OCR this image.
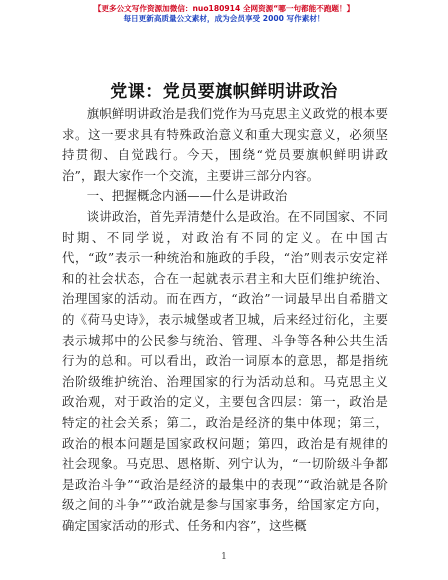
【更多公文写作资源加微信：nuo180914 全网资源“哪一句都能不跑题！】
每日更新高质量公文素材，成为会员享受 2000 写作素材！
党课：党员要旗帜鲜明讲政治

旗帜鲜明讲政治是我们党作为马克思主义政党的根本要求。这一要求具有特殊政治意义和重大现实意义，必须坚持贯彻、自觉践行。今天，围绕“党员要旗帜鲜明讲政治”，跟大家作一个交流，主要讲三部分内容。

一、把握概念内涵——什么是讲政治

谈讲政治，首先弄清楚什么是政治。在不同国家、不同时期、不同学说，对政治有不同的定义。在中国古代，“政”表示一种统治和施政的手段，“治”则表示安定祥和的社会状态，合在一起就表示君主和大臣们维护统治、治理国家的活动。而在西方，“政治”一词最早出自希腊文的《荷马史诗》，表示城堡或者卫城，后来经过衍化，主要表示城邦中的公民参与统治、管理、斗争等各种公共生活行为的总和。可以看出，政治一词原本的意思，都是指统治阶级维护统治、治理国家的行为活动总和。马克思主义政治观，对于政治的定义，主要包含四层：第一，政治是特定的社会关系；第二，政治是经济的集中体现；第三，政治的根本问题是国家政权问题；第四，政治是有规律的社会现象。马克思、恩格斯、列宁认为，“一切阶级斗争都是政治斗争”“政治是经济的最集中的表现”“政治就是各阶级之间的斗争”“政治就是参与国家事务，给国家定方向，确定国家活动的形式、任务和内容”，这些概

1
